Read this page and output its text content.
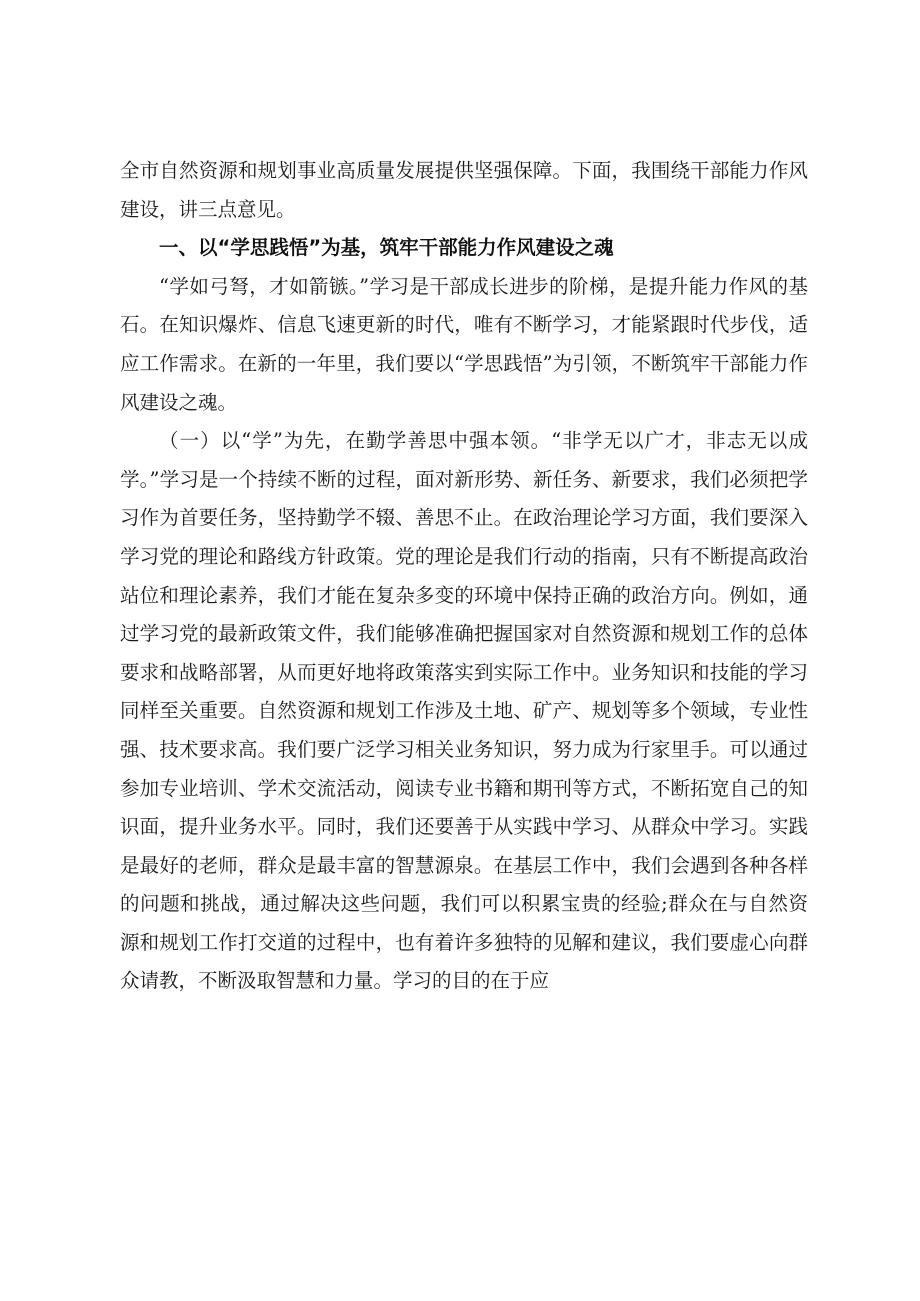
全市自然资源和规划事业高质量发展提供坚强保障。下面，我围绕干部能力作风建设，讲三点意见。

一、以“学思践悟”为基，筑牢干部能力作风建设之魂

“学如弓弩，才如箭镞。”学习是干部成长进步的阶梯，是提升能力作风的基石。在知识爆炸、信息飞速更新的时代，唯有不断学习，才能紧跟时代步伐，适应工作需求。在新的一年里，我们要以“学思践悟”为引领，不断筑牢干部能力作风建设之魂。

（一）以“学”为先，在勤学善思中强本领。“非学无以广才，非志无以成学。”学习是一个持续不断的过程，面对新形势、新任务、新要求，我们必须把学习作为首要任务，坚持勤学不辍、善思不止。在政治理论学习方面，我们要深入学习党的理论和路线方针政策。党的理论是我们行动的指南，只有不断提高政治站位和理论素养，我们才能在复杂多变的环境中保持正确的政治方向。例如，通过学习党的最新政策文件，我们能够准确把握国家对自然资源和规划工作的总体要求和战略部署，从而更好地将政策落实到实际工作中。业务知识和技能的学习同样至关重要。自然资源和规划工作涉及土地、矿产、规划等多个领域，专业性强、技术要求高。我们要广泛学习相关业务知识，努力成为行家里手。可以通过参加专业培训、学术交流活动，阅读专业书籍和期刊等方式，不断拓宽自己的知识面，提升业务水平。同时，我们还要善于从实践中学习、从群众中学习。实践是最好的老师，群众是最丰富的智慧源泉。在基层工作中，我们会遇到各种各样的问题和挑战，通过解决这些问题，我们可以积累宝贵的经验;群众在与自然资源和规划工作打交道的过程中，也有着许多独特的见解和建议，我们要虚心向群众请教，不断汲取智慧和力量。学习的目的在于应
